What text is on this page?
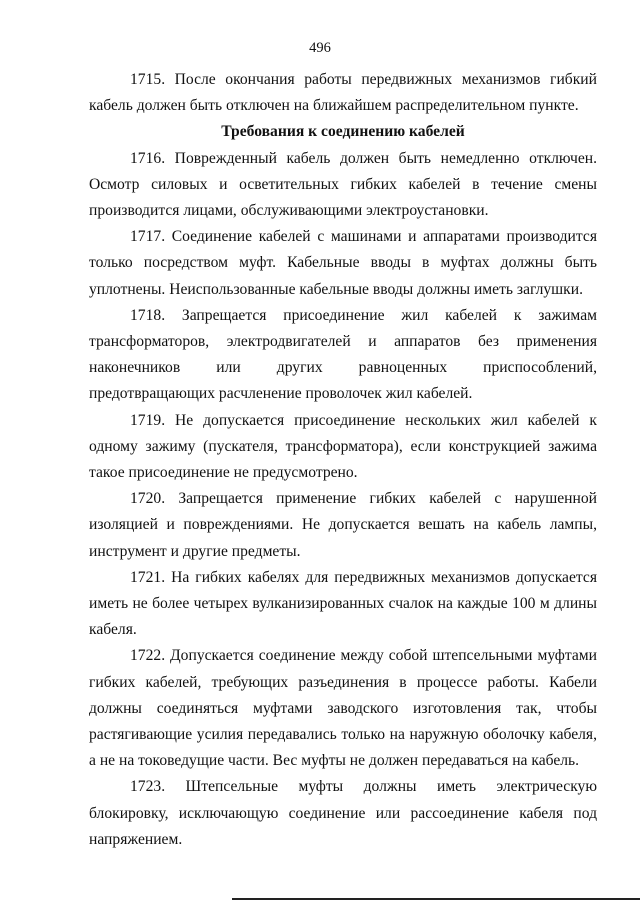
496

1715. После окончания работы передвижных механизмов гибкий кабель должен быть отключен на ближайшем распределительном пункте.

Требования к соединению кабелей

1716. Поврежденный кабель должен быть немедленно отключен. Осмотр силовых и осветительных гибких кабелей в течение смены производится лицами, обслуживающими электроустановки.

1717. Соединение кабелей с машинами и аппаратами производится только посредством муфт. Кабельные вводы в муфтах должны быть уплотнены. Неиспользованные кабельные вводы должны иметь заглушки.

1718. Запрещается присоединение жил кабелей к зажимам трансформаторов, электродвигателей и аппаратов без применения наконечников или других равноценных приспособлений, предотвращающих расчленение проволочек жил кабелей.

1719. Не допускается присоединение нескольких жил кабелей к одному зажиму (пускателя, трансформатора), если конструкцией зажима такое присоединение не предусмотрено.

1720. Запрещается применение гибких кабелей с нарушенной изоляцией и повреждениями. Не допускается вешать на кабель лампы, инструмент и другие предметы.

1721. На гибких кабелях для передвижных механизмов допускается иметь не более четырех вулканизированных счалок на каждые 100 м длины кабеля.

1722. Допускается соединение между собой штепсельными муфтами гибких кабелей, требующих разъединения в процессе работы. Кабели должны соединяться муфтами заводского изготовления так, чтобы растягивающие усилия передавались только на наружную оболочку кабеля, а не на токоведущие части. Вес муфты не должен передаваться на кабель.

1723. Штепсельные муфты должны иметь электрическую блокировку, исключающую соединение или рассоединение кабеля под напряжением.
